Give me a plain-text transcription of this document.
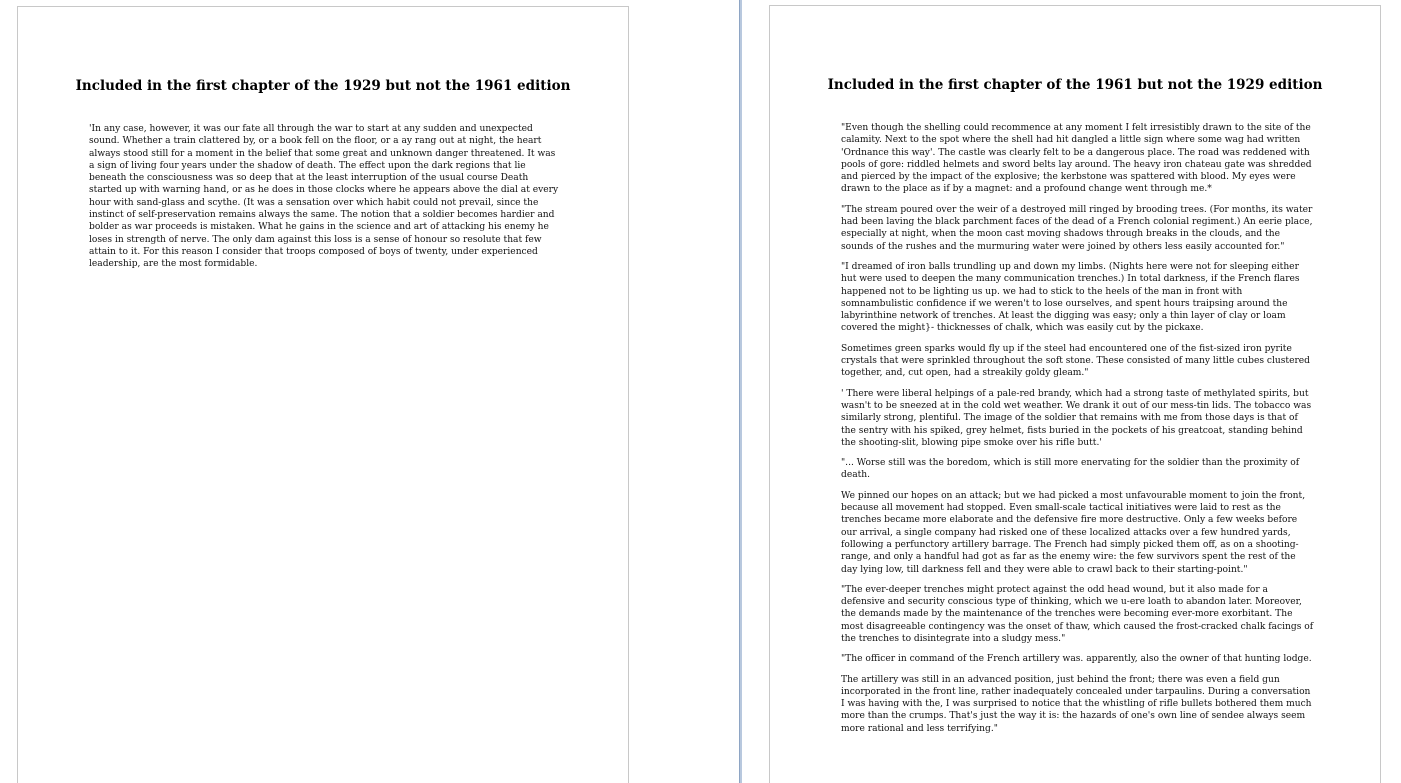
Included in the first chapter of the 1929 but not the 1961 edition

'In any case, however, it was our fate all through the war to start at any sudden and unexpected sound. Whether a train clattered by, or a book fell on the floor, or a ay rang out at night, the heart always stood still for a moment in the belief that some great and unknown danger threatened. It was a sign of living four years under the shadow of death. The effect upon the dark regions that lie beneath the consciousness was so deep that at the least interruption of the usual course Death started up with warning hand, or as he does in those clocks where he appears above the dial at every hour with sand-glass and scythe. (It was a sensation over which habit could not prevail, since the instinct of self-preservation remains always the same. The notion that a soldier becomes hardier and bolder as war proceeds is mistaken. What he gains in the science and art of attacking his enemy he loses in strength of nerve. The only dam against this loss is a sense of honour so resolute that few attain to it. For this reason I consider that troops composed of boys of twenty, under experienced leadership, are the most formidable.

Included in the first chapter of the 1961 but not the 1929 edition

"Even though the shelling could recommence at any moment I felt irresistibly drawn to the site of the calamity. Next to the spot where the shell had hit dangled a little sign where some wag had written 'Ordnance this way'. The castle was clearly felt to be a dangerous place. The road was reddened with pools of gore: riddled helmets and sword belts lay around. The heavy iron chateau gate was shredded and pierced by the impact of the explosive; the kerbstone was spattered with blood. My eyes were drawn to the place as if by a magnet: and a profound change went through me.*

"The stream poured over the weir of a destroyed mill ringed by brooding trees. (For months, its water had been laving the black parchment faces of the dead of a French colonial regiment.) An eerie place, especially at night, when the moon cast moving shadows through breaks in the clouds, and the sounds of the rushes and the murmuring water were joined by others less easily accounted for."

"I dreamed of iron balls trundling up and down my limbs. (Nights here were not for sleeping either hut were used to deepen the many communication trenches.) In total darkness, if the French flares happened not to be lighting us up. we had to stick to the heels of the man in front with somnambulistic confidence if we weren't to lose ourselves, and spent hours traipsing around the labyrinthine network of trenches. At least the digging was easy; only a thin layer of clay or loam covered the might}- thicknesses of chalk, which was easily cut by the pickaxe.

Sometimes green sparks would fly up if the steel had encountered one of the fist-sized iron pyrite crystals that were sprinkled throughout the soft stone. These consisted of many little cubes clustered together, and, cut open, had a streakily goldy gleam."

' There were liberal helpings of a pale-red brandy, which had a strong taste of methylated spirits, but wasn't to be sneezed at in the cold wet weather. We drank it out of our mess-tin lids. The tobacco was similarly strong, plentiful. The image of the soldier that remains with me from those days is that of the sentry with his spiked, grey helmet, fists buried in the pockets of his greatcoat, standing behind the shooting-slit, blowing pipe smoke over his rifle butt.'

"... Worse still was the boredom, which is still more enervating for the soldier than the proximity of death.

We pinned our hopes on an attack; but we had picked a most unfavourable moment to join the front, because all movement had stopped. Even small-scale tactical initiatives were laid to rest as the trenches became more elaborate and the defensive fire more destructive. Only a few weeks before our arrival, a single company had risked one of these localized attacks over a few hundred yards, following a perfunctory artillery barrage. The French had simply picked them off, as on a shooting-range, and only a handful had got as far as the enemy wire: the few survivors spent the rest of the day lying low, till darkness fell and they were able to crawl back to their starting-point."

"The ever-deeper trenches might protect against the odd head wound, but it also made for a defensive and security conscious type of thinking, which we u-ere loath to abandon later. Moreover, the demands made by the maintenance of the trenches were becoming ever-more exorbitant. The most disagreeable contingency was the onset of thaw, which caused the frost-cracked chalk facings of the trenches to disintegrate into a sludgy mess."

"The officer in command of the French artillery was. apparently, also the owner of that hunting lodge.

The artillery was still in an advanced position, just behind the front; there was even a field gun incorporated in the front line, rather inadequately concealed under tarpaulins. During a conversation I was having with the, I was surprised to notice that the whistling of rifle bullets bothered them much more than the crumps. That's just the way it is: the hazards of one's own line of sendee always seem more rational and less terrifying."
